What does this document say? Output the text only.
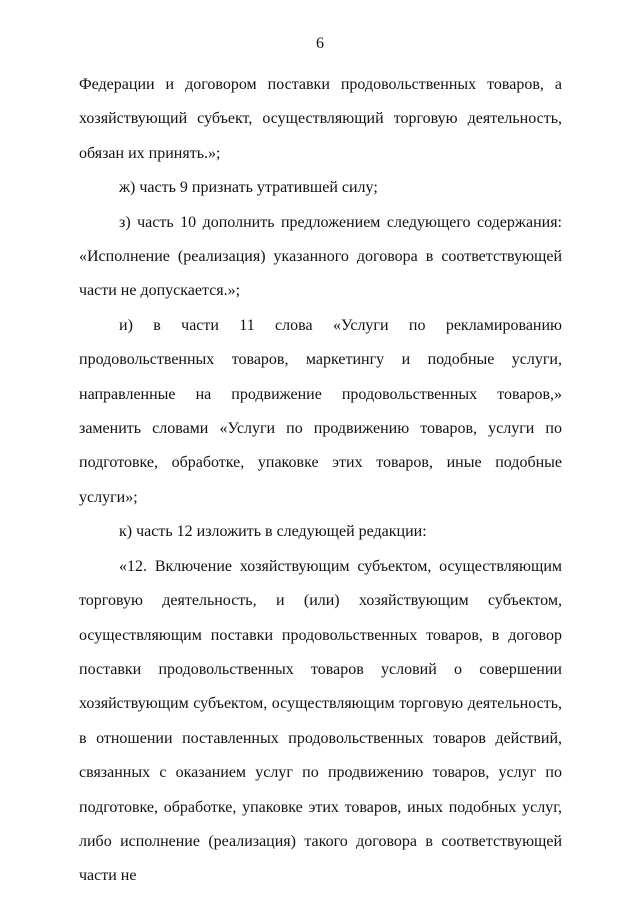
6

Федерации и договором поставки продовольственных товаров, а хозяйствующий субъект, осуществляющий торговую деятельность, обязан их принять.»;

ж) часть 9 признать утратившей силу;

з) часть 10 дополнить предложением следующего содержания: «Исполнение (реализация) указанного договора в соответствующей части не допускается.»;

и) в части 11 слова «Услуги по рекламированию продовольственных товаров, маркетингу и подобные услуги, направленные на продвижение продовольственных товаров,» заменить словами «Услуги по продвижению товаров, услуги по подготовке, обработке, упаковке этих товаров, иные подобные услуги»;

к) часть 12 изложить в следующей редакции:

«12. Включение хозяйствующим субъектом, осуществляющим торговую деятельность, и (или) хозяйствующим субъектом, осуществляющим поставки продовольственных товаров, в договор поставки продовольственных товаров условий о совершении хозяйствующим субъектом, осуществляющим торговую деятельность, в отношении поставленных продовольственных товаров действий, связанных с оказанием услуг по продвижению товаров, услуг по подготовке, обработке, упаковке этих товаров, иных подобных услуг, либо исполнение (реализация) такого договора в соответствующей части не
